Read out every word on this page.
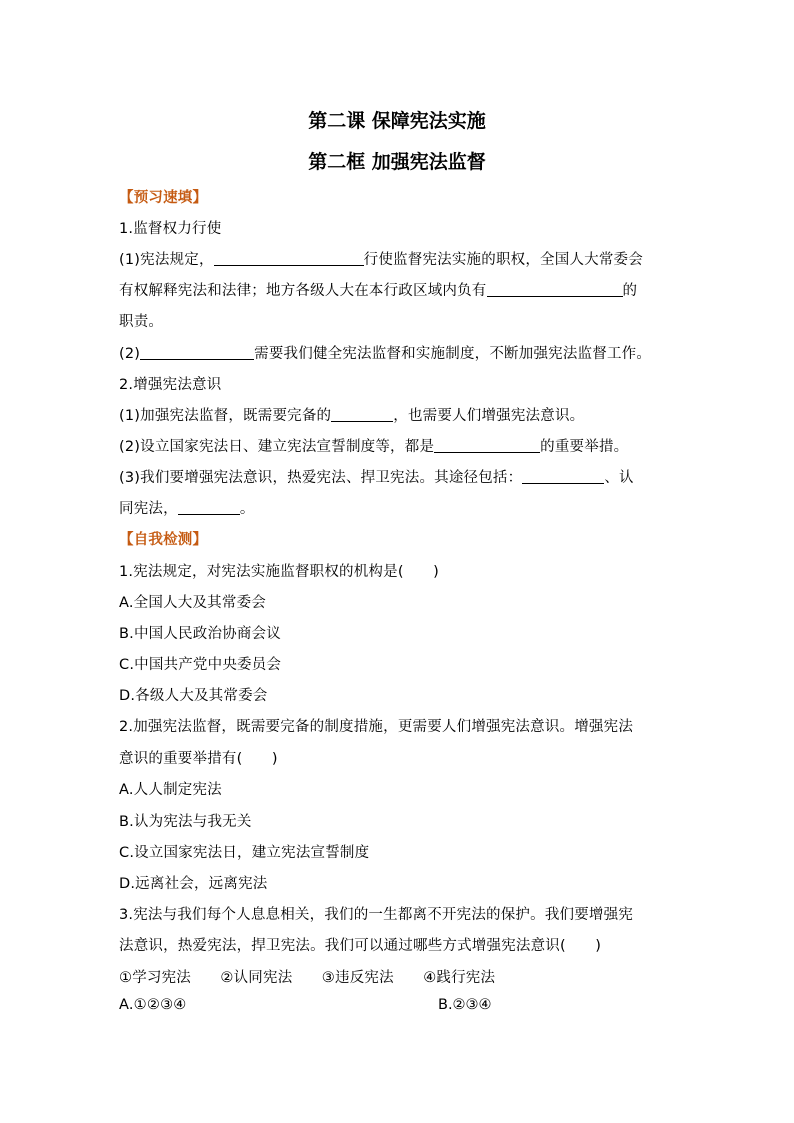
第二课 保障宪法实施
第二框 加强宪法监督
【预习速填】
1.监督权力行使
(1)宪法规定，	行使监督宪法实施的职权，全国人大常委会
有权解释宪法和法律；地方各级人大在本行政区域内负有	的
职责。
(2)	需要我们健全宪法监督和实施制度，不断加强宪法监督工作。
2.增强宪法意识
(1)加强宪法监督，既需要完备的	，也需要人们增强宪法意识。
(2)设立国家宪法日、建立宪法宣誓制度等，都是	的重要举措。
(3)我们要增强宪法意识，热爱宪法、捍卫宪法。其途径包括：	、认
同宪法，	。
【自我检测】
1.宪法规定，对宪法实施监督职权的机构是(　　)
A.全国人大及其常委会
B.中国人民政治协商会议
C.中国共产党中央委员会
D.各级人大及其常委会
2.加强宪法监督，既需要完备的制度措施，更需要人们增强宪法意识。增强宪法
意识的重要举措有(　　)
A.人人制定宪法
B.认为宪法与我无关
C.设立国家宪法日，建立宪法宣誓制度
D.远离社会，远离宪法
3.宪法与我们每个人息息相关，我们的一生都离不开宪法的保护。我们要增强宪
法意识，热爱宪法，捍卫宪法。我们可以通过哪些方式增强宪法意识(　　)
①学习宪法　　②认同宪法　　③违反宪法　　④践行宪法
A.①②③④	B.②③④
